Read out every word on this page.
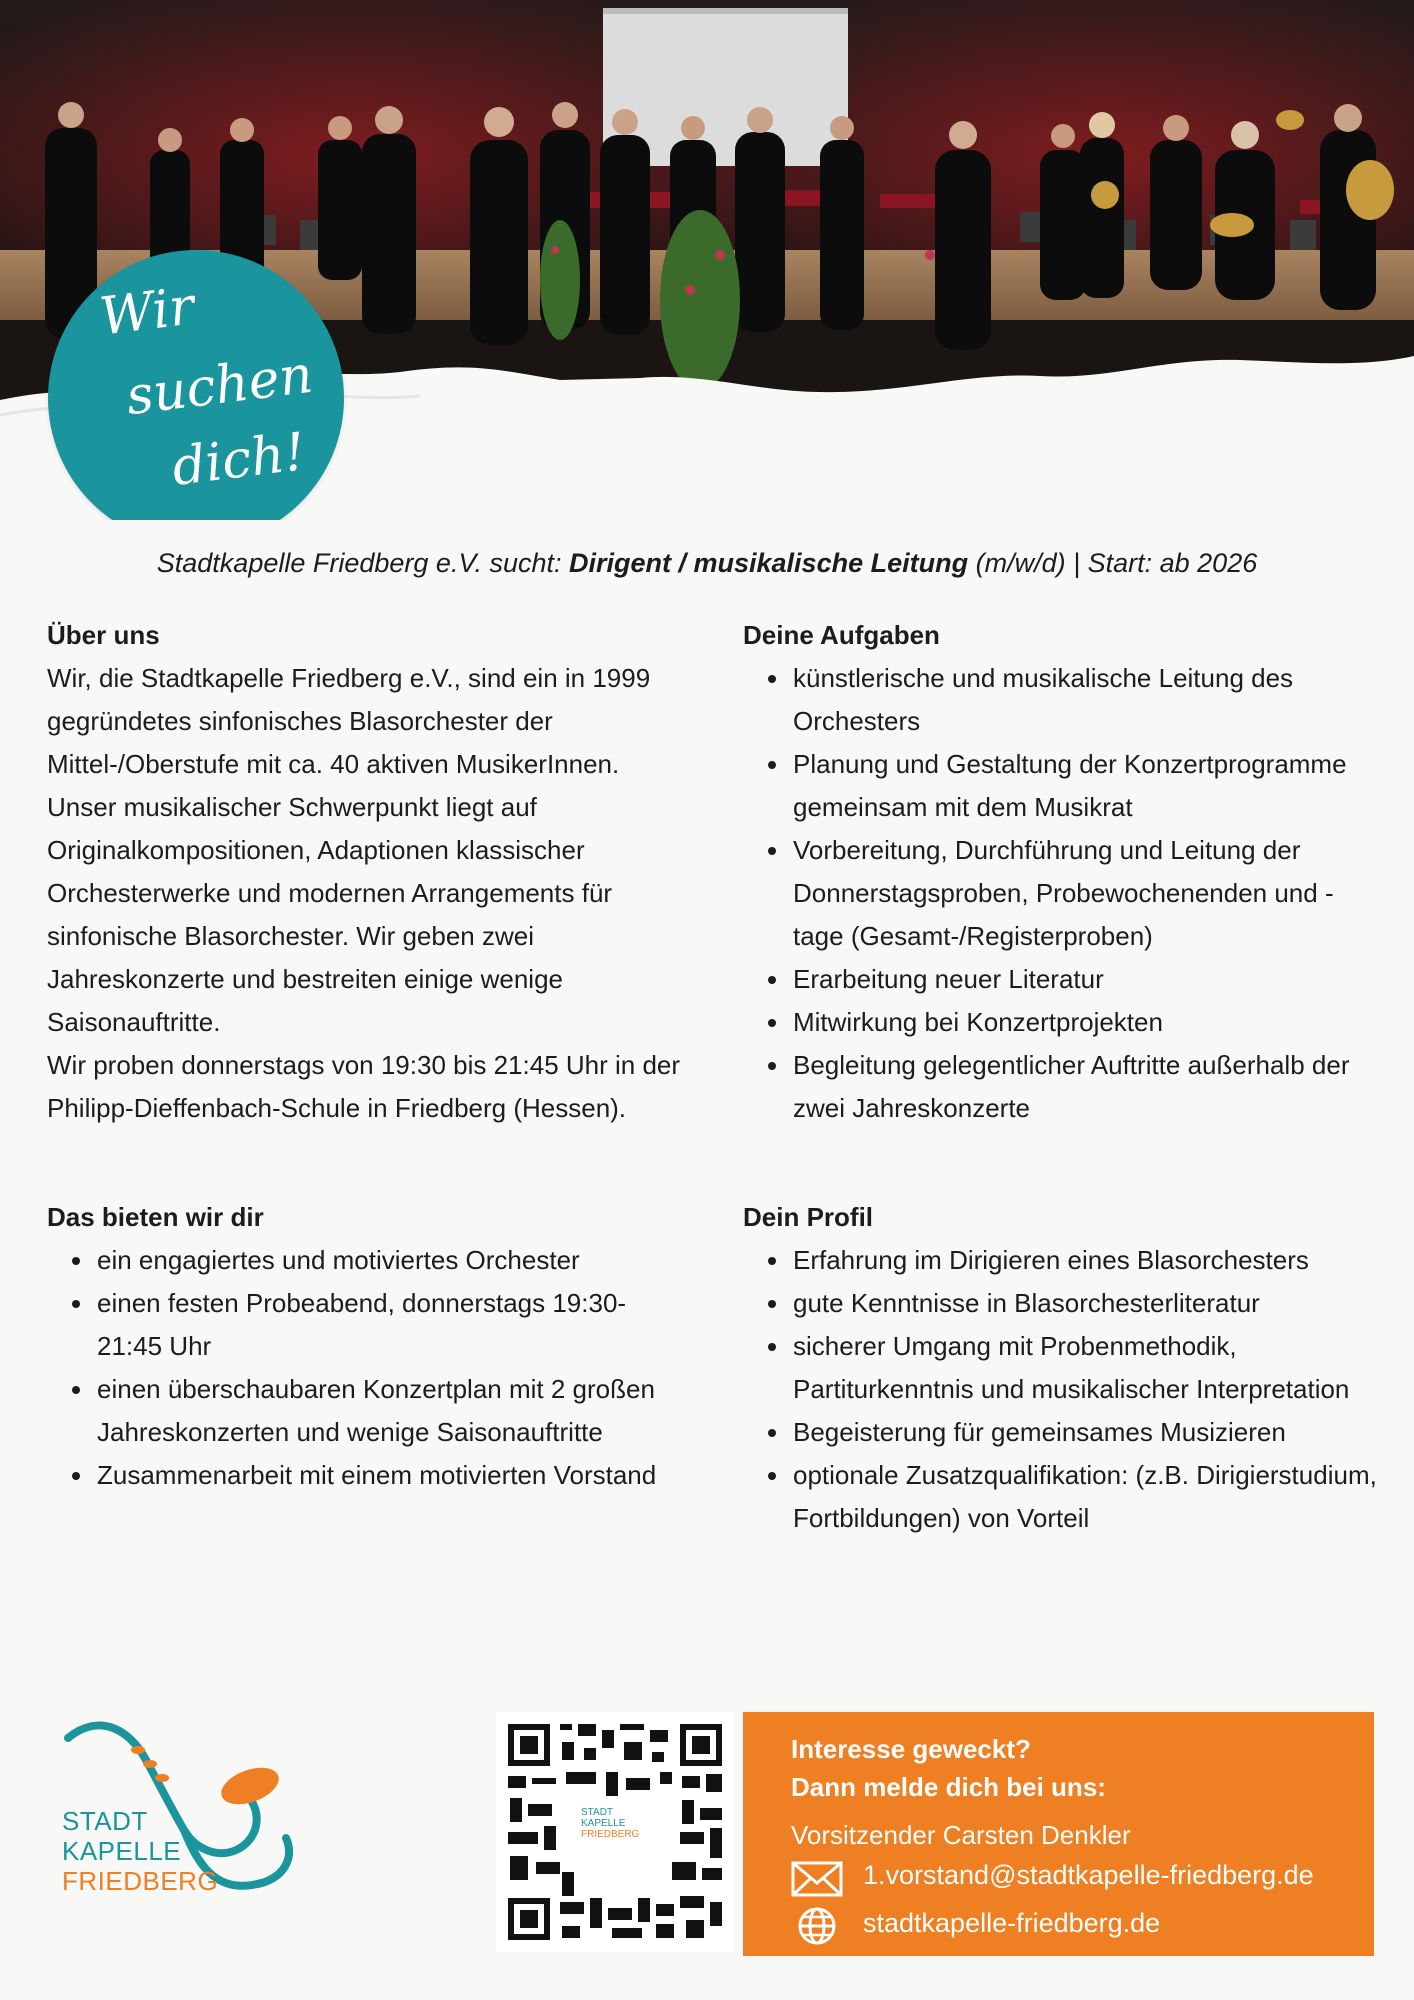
Wir
suchen
dich!
Stadtkapelle Friedberg e.V. sucht: Dirigent / musikalische Leitung (m/w/d) | Start: ab 2026
Über uns

Wir, die Stadtkapelle Friedberg e.V., sind ein in 1999 gegründetes sinfonisches Blasorchester der Mittel-/Oberstufe mit ca. 40 aktiven MusikerInnen. Unser musikalischer Schwerpunkt liegt auf Originalkompositionen, Adaptionen klassischer Orchesterwerke und modernen Arrangements für sinfonische Blasorchester. Wir geben zwei Jahreskonzerte und bestreiten einige wenige Saisonauftritte.

Wir proben donnerstags von 19:30 bis 21:45 Uhr in der Philipp-Dieffenbach-Schule in Friedberg (Hessen).

Das bieten wir dir
• ein engagiertes und motiviertes Orchester
• einen festen Probeabend, donnerstags 19:30-21:45 Uhr
• einen überschaubaren Konzertplan mit 2 großen Jahreskonzerten und wenige Saisonauftritte
• Zusammenarbeit mit einem motivierten Vorstand
Deine Aufgaben
• künstlerische und musikalische Leitung des Orchesters
• Planung und Gestaltung der Konzertprogramme gemeinsam mit dem Musikrat
• Vorbereitung, Durchführung und Leitung der Donnerstagsproben, Probewochenenden und -tage (Gesamt-/Registerproben)
• Erarbeitung neuer Literatur
• Mitwirkung bei Konzertprojekten
• Begleitung gelegentlicher Auftritte außerhalb der zwei Jahreskonzerte
Dein Profil
• Erfahrung im Dirigieren eines Blasorchesters
• gute Kenntnisse in Blasorchesterliteratur
• sicherer Umgang mit Probenmethodik, Partiturkenntnis und musikalischer Interpretation
• Begeisterung für gemeinsames Musizieren
• optionale Zusatzqualifikation: (z.B. Dirigierstudium, Fortbildungen) von Vorteil
STADT
KAPELLE
FRIEDBERG
STADT
KAPELLE
FRIEDBERG
Interesse geweckt?
Dann melde dich bei uns:
Vorsitzender Carsten Denkler
1.vorstand@stadtkapelle-friedberg.de
stadtkapelle-friedberg.de
